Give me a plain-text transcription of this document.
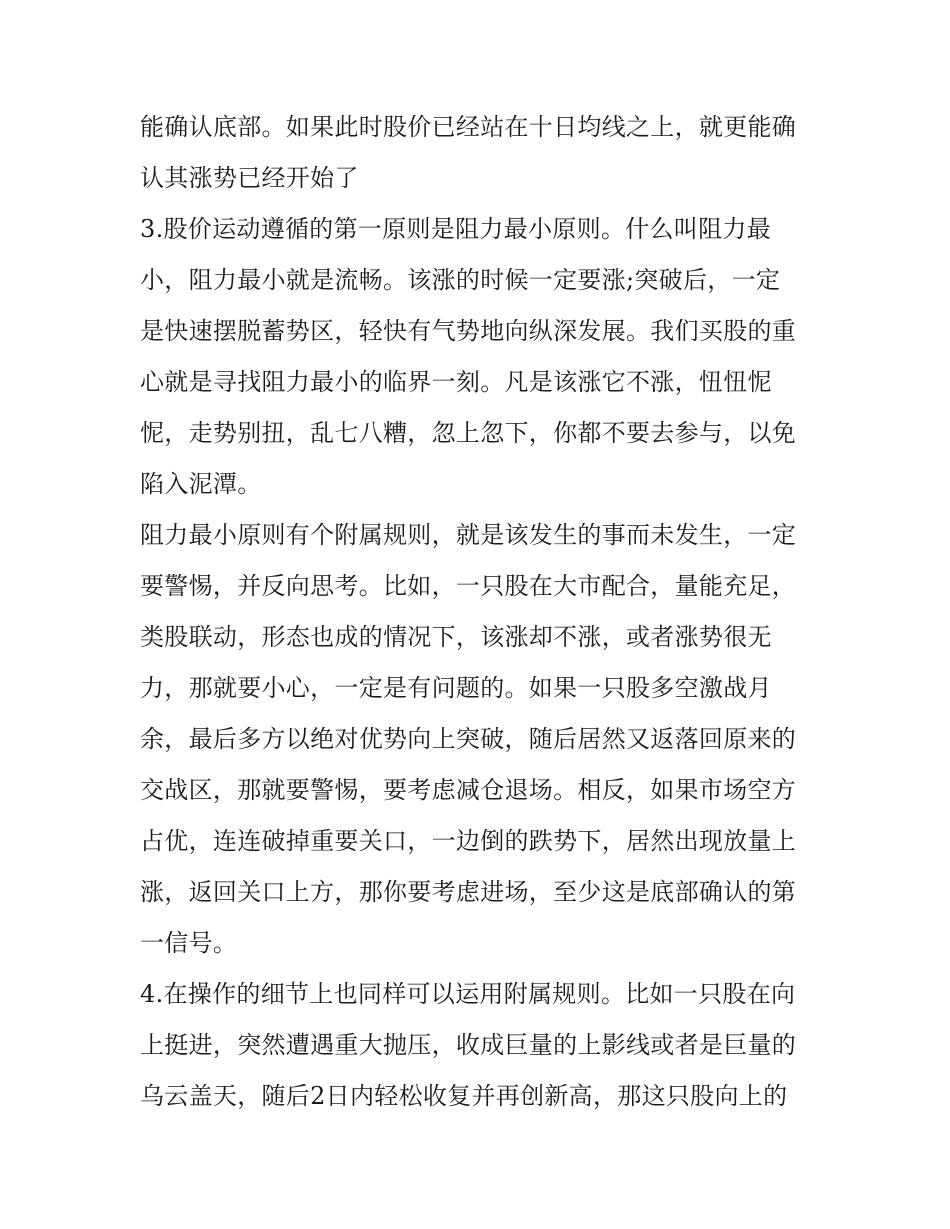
能确认底部。如果此时股价已经站在十日均线之上，就更能确
认其涨势已经开始了
3.股价运动遵循的第一原则是阻力最小原则。什么叫阻力最
小，阻力最小就是流畅。该涨的时候一定要涨;突破后，一定
是快速摆脱蓄势区，轻快有气势地向纵深发展。我们买股的重
心就是寻找阻力最小的临界一刻。凡是该涨它不涨，忸忸怩
怩，走势别扭，乱七八糟，忽上忽下，你都不要去参与，以免
陷入泥潭。
阻力最小原则有个附属规则，就是该发生的事而未发生，一定
要警惕，并反向思考。比如，一只股在大市配合，量能充足，
类股联动，形态也成的情况下，该涨却不涨，或者涨势很无
力，那就要小心，一定是有问题的。如果一只股多空激战月
余，最后多方以绝对优势向上突破，随后居然又返落回原来的
交战区，那就要警惕，要考虑减仓退场。相反，如果市场空方
占优，连连破掉重要关口，一边倒的跌势下，居然出现放量上
涨，返回关口上方，那你要考虑进场，至少这是底部确认的第
一信号。
4.在操作的细节上也同样可以运用附属规则。比如一只股在向
上挺进，突然遭遇重大抛压，收成巨量的上影线或者是巨量的
乌云盖天，随后2日内轻松收复并再创新高，那这只股向上的
